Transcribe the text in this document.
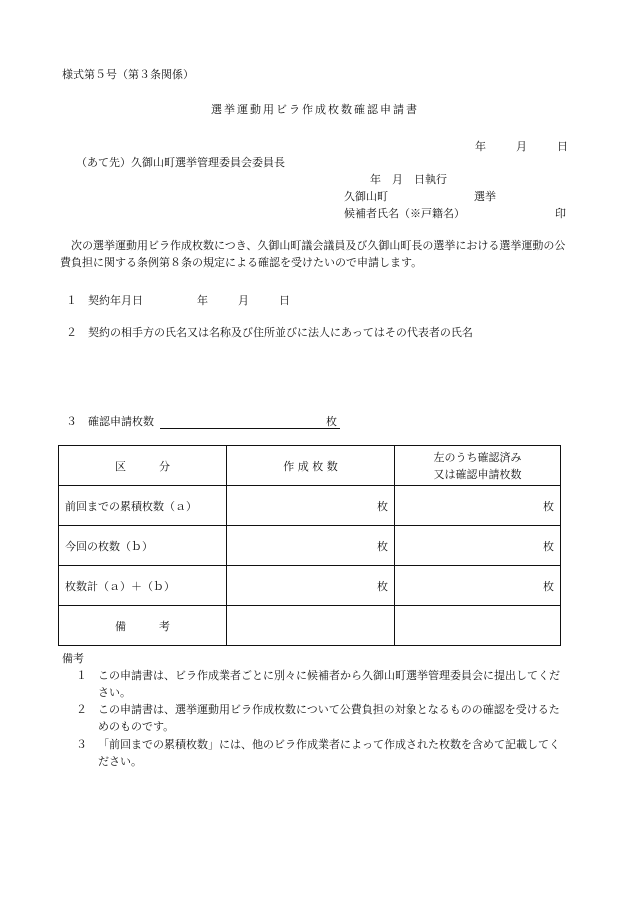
様式第５号（第３条関係）
選挙運動用ビラ作成枚数確認申請書
年	月	日
（あて先）久御山町選挙管理委員会委員長
年　月　日執行
久御山町	選挙
候補者氏名（※戸籍名）	印
次の選挙運動用ビラ作成枚数につき、久御山町議会議員及び久御山町長の選挙における選挙運動の公費負担に関する条例第８条の規定による確認を受けたいので申請します。
１　契約年月日	年	月	日
２　契約の相手方の氏名又は名称及び住所並びに法人にあってはその代表者の氏名
３　確認申請枚数	枚
区　　　分	作 成 枚 数	左のうち確認済み
又は確認申請枚数

前回までの累積枚数（ａ）	枚	枚
今回の枚数（ｂ）	枚	枚
枚数計（ａ）＋（ｂ）	枚	枚
備　　　考		
備考
１	この申請書は、ビラ作成業者ごとに別々に候補者から久御山町選挙管理委員会に提出してください。
２	この申請書は、選挙運動用ビラ作成枚数について公費負担の対象となるものの確認を受けるためのものです。
３	「前回までの累積枚数」には、他のビラ作成業者によって作成された枚数を含めて記載してください。
